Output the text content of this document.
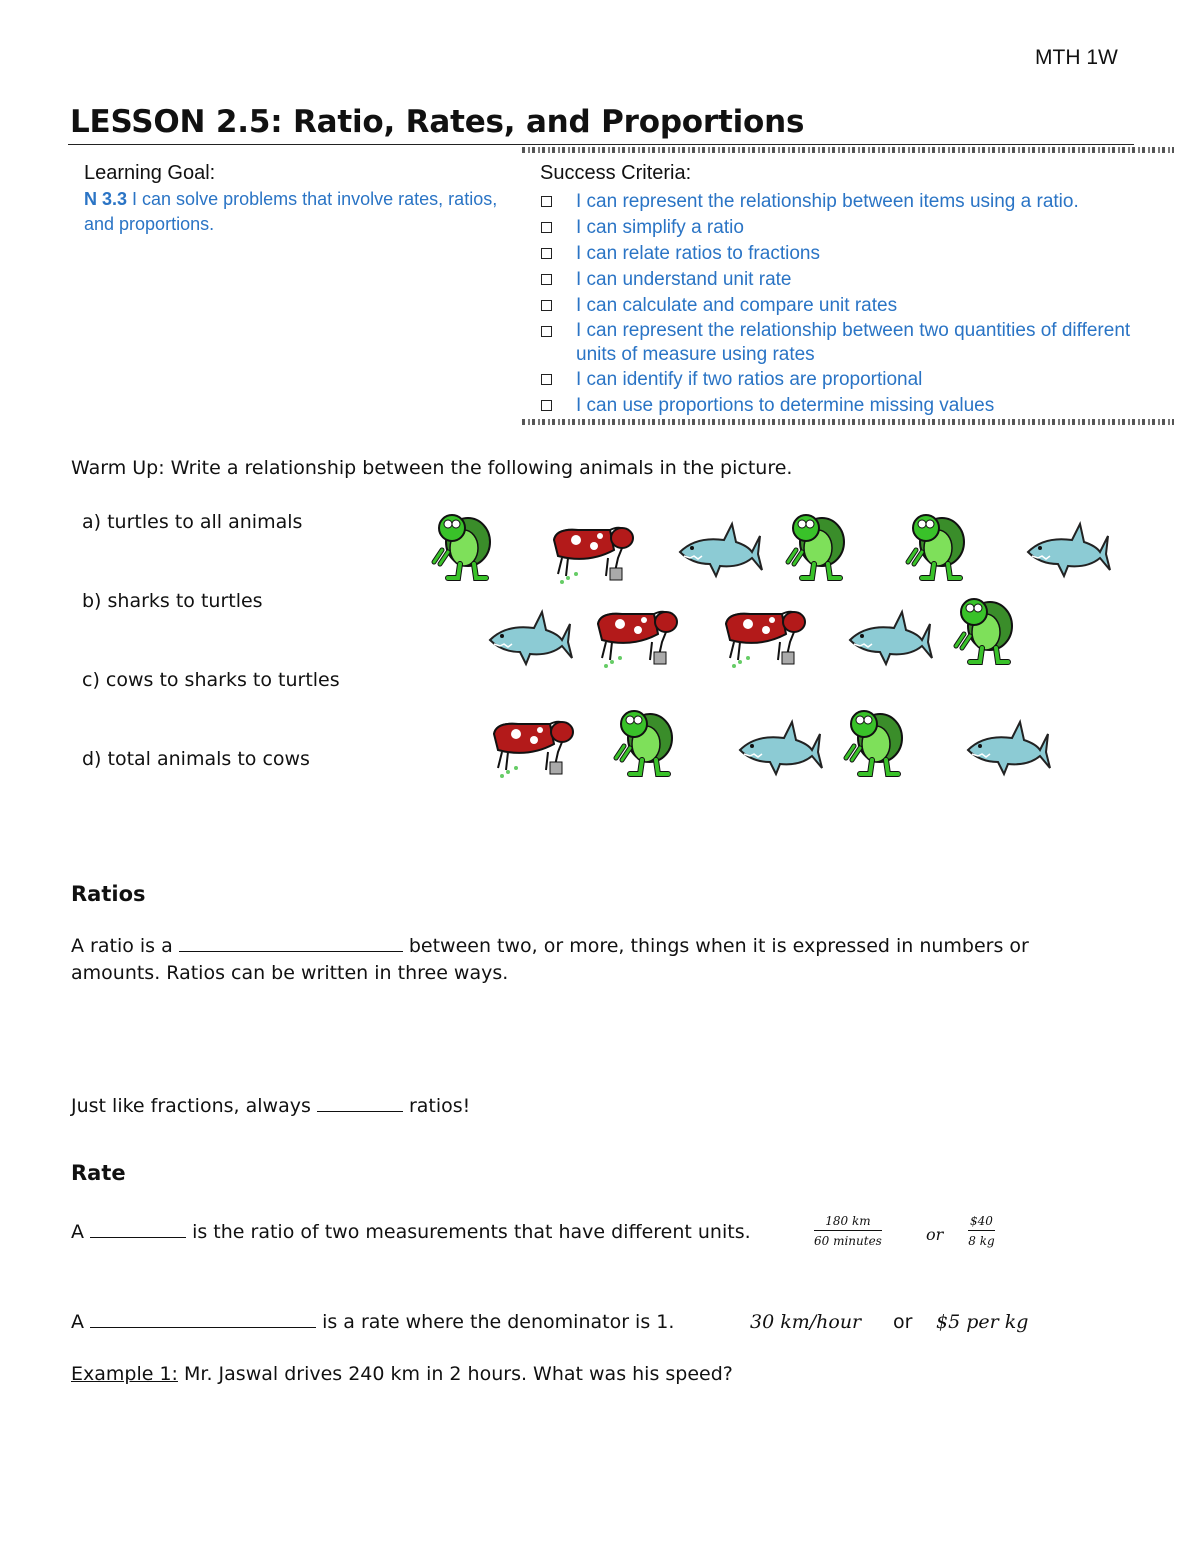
MTH 1W
LESSON 2.5: Ratio, Rates, and Proportions
Learning Goal:
N 3.3 I can solve problems that involve rates, ratios, and proportions.
Success Criteria:
I can represent the relationship between items using a ratio.
I can simplify a ratio
I can relate ratios to fractions
I can understand unit rate
I can calculate and compare unit rates
I can represent the relationship between two quantities of different units of measure using rates
I can identify if two ratios are proportional
I can use proportions to determine missing values
Warm Up: Write a relationship between the following animals in the picture.
a) turtles to all animals
b) sharks to turtles
c) cows to sharks to turtles
d) total animals to cows
Ratios
A ratio is a	between two, or more, things when it is expressed in numbers or
amounts. Ratios can be written in three ways.
Just like fractions, always	ratios!
Rate
A	is the ratio of two measurements that have different units.	$\frac{180 km}{\text{60 minutes}}$	or $\frac{\$40}{8 kg}$
A	is a rate where the denominator is 1.	30 km/hour or $5 per kg
Example 1: Mr. Jaswal drives 240 km in 2 hours. What was his speed?
